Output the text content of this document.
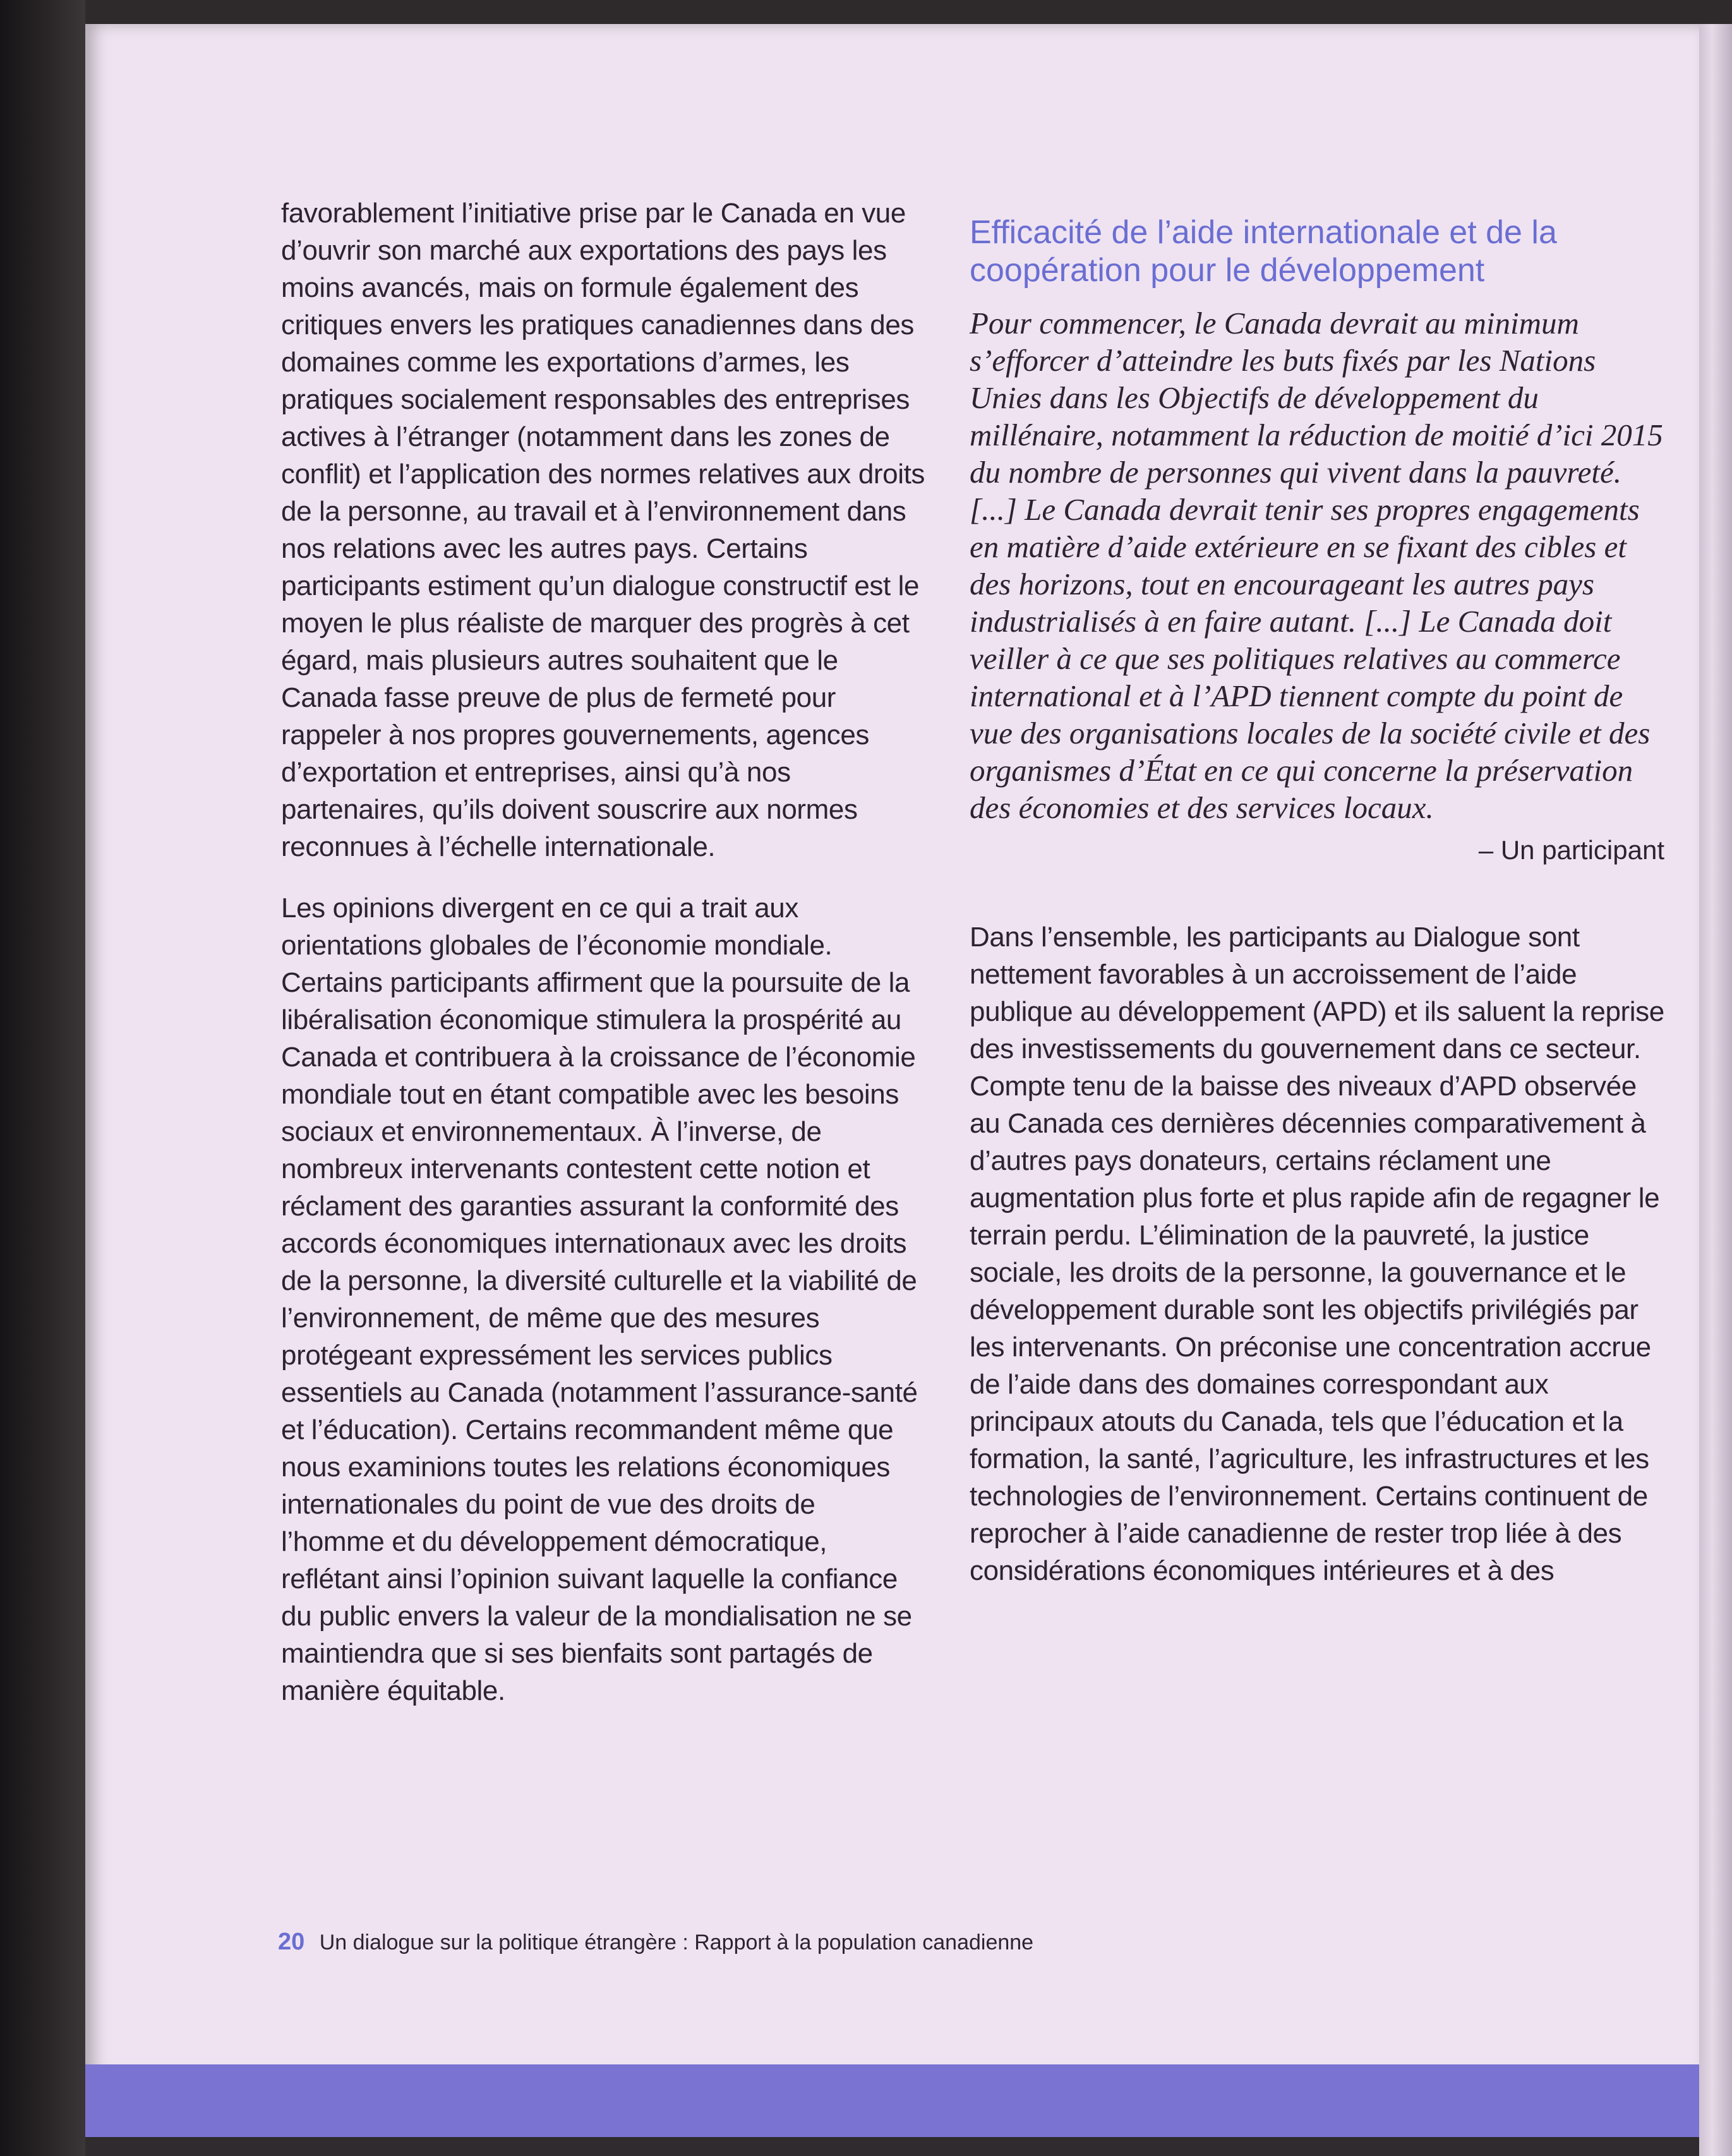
favorablement l’initiative prise par le Canada en vue d’ouvrir son marché aux exportations des pays les moins avancés, mais on formule également des critiques envers les pratiques canadiennes dans des domaines comme les exportations d’armes, les pratiques socialement responsables des entreprises actives à l’étranger (notamment dans les zones de conflit) et l’application des normes relatives aux droits de la personne, au travail et à l’environnement dans nos relations avec les autres pays. Certains participants estiment qu’un dialogue constructif est le moyen le plus réaliste de marquer des progrès à cet égard, mais plusieurs autres souhaitent que le Canada fasse preuve de plus de fermeté pour rappeler à nos propres gouvernements, agences d’exportation et entreprises, ainsi qu’à nos partenaires, qu’ils doivent souscrire aux normes reconnues à l’échelle internationale.

Les opinions divergent en ce qui a trait aux orientations globales de l’économie mondiale. Certains participants affirment que la poursuite de la libéralisation économique stimulera la prospérité au Canada et contribuera à la croissance de l’économie mondiale tout en étant compatible avec les besoins sociaux et environnementaux. À l’inverse, de nombreux intervenants contestent cette notion et réclament des garanties assurant la conformité des accords économiques internationaux avec les droits de la personne, la diversité culturelle et la viabilité de l’environnement, de même que des mesures protégeant expressément les services publics essentiels au Canada (notamment l’assurance-santé et l’éducation). Certains recommandent même que nous examinions toutes les relations économiques internationales du point de vue des droits de l’homme et du développement démocratique, reflétant ainsi l’opinion suivant laquelle la confiance du public envers la valeur de la mondialisation ne se maintiendra que si ses bienfaits sont partagés de manière équitable.

Efficacité de l’aide internationale et de la coopération pour le développement

Pour commencer, le Canada devrait au minimum s’efforcer d’atteindre les buts fixés par les Nations Unies dans les Objectifs de développement du millénaire, notamment la réduction de moitié d’ici 2015 du nombre de personnes qui vivent dans la pauvreté. [...] Le Canada devrait tenir ses propres engagements en matière d’aide extérieure en se fixant des cibles et des horizons, tout en encourageant les autres pays industrialisés à en faire autant. [...] Le Canada doit veiller à ce que ses politiques relatives au commerce international et à l’APD tiennent compte du point de vue des organisations locales de la société civile et des organismes d’État en ce qui concerne la préservation des économies et des services locaux.

– Un participant

Dans l’ensemble, les participants au Dialogue sont nettement favorables à un accroissement de l’aide publique au développement (APD) et ils saluent la reprise des investissements du gouvernement dans ce secteur. Compte tenu de la baisse des niveaux d’APD observée au Canada ces dernières décennies comparativement à d’autres pays donateurs, certains réclament une augmentation plus forte et plus rapide afin de regagner le terrain perdu. L’élimination de la pauvreté, la justice sociale, les droits de la personne, la gouvernance et le développement durable sont les objectifs privilégiés par les intervenants. On préconise une concentration accrue de l’aide dans des domaines correspondant aux principaux atouts du Canada, tels que l’éducation et la formation, la santé, l’agriculture, les infrastructures et les technologies de l’environnement. Certains continuent de reprocher à l’aide canadienne de rester trop liée à des considérations économiques intérieures et à des

20 Un dialogue sur la politique étrangère : Rapport à la population canadienne
